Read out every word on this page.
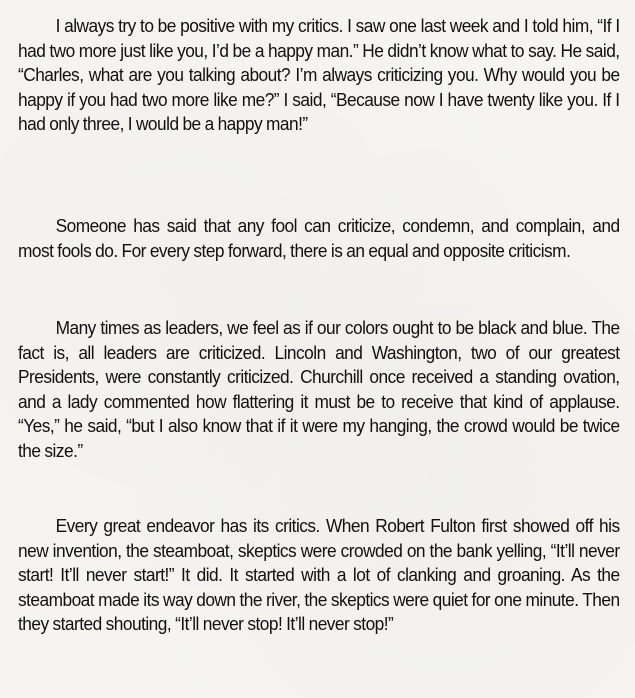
I always try to be positive with my critics. I saw one last week and I told him, “If I had two more just like you, I’d be a happy man.” He didn’t know what to say. He said, “Charles, what are you talking about? I’m always criticizing you. Why would you be happy if you had two more like me?” I said, “Because now I have twenty like you. If I had only three, I would be a happy man!”

Someone has said that any fool can criticize, condemn, and complain, and most fools do. For every step forward, there is an equal and opposite criticism.

Many times as leaders, we feel as if our colors ought to be black and blue. The fact is, all leaders are criticized. Lincoln and Washington, two of our greatest Presidents, were constantly criticized. Churchill once received a standing ovation, and a lady commented how flattering it must be to receive that kind of applause. “Yes,” he said, “but I also know that if it were my hanging, the crowd would be twice the size.”

Every great endeavor has its critics. When Robert Fulton first showed off his new invention, the steamboat, skeptics were crowded on the bank yelling, “It’ll never start! It’ll never start!” It did. It started with a lot of clanking and groaning. As the steamboat made its way down the river, the skeptics were quiet for one minute. Then they started shouting, “It’ll never stop! It’ll never stop!”
